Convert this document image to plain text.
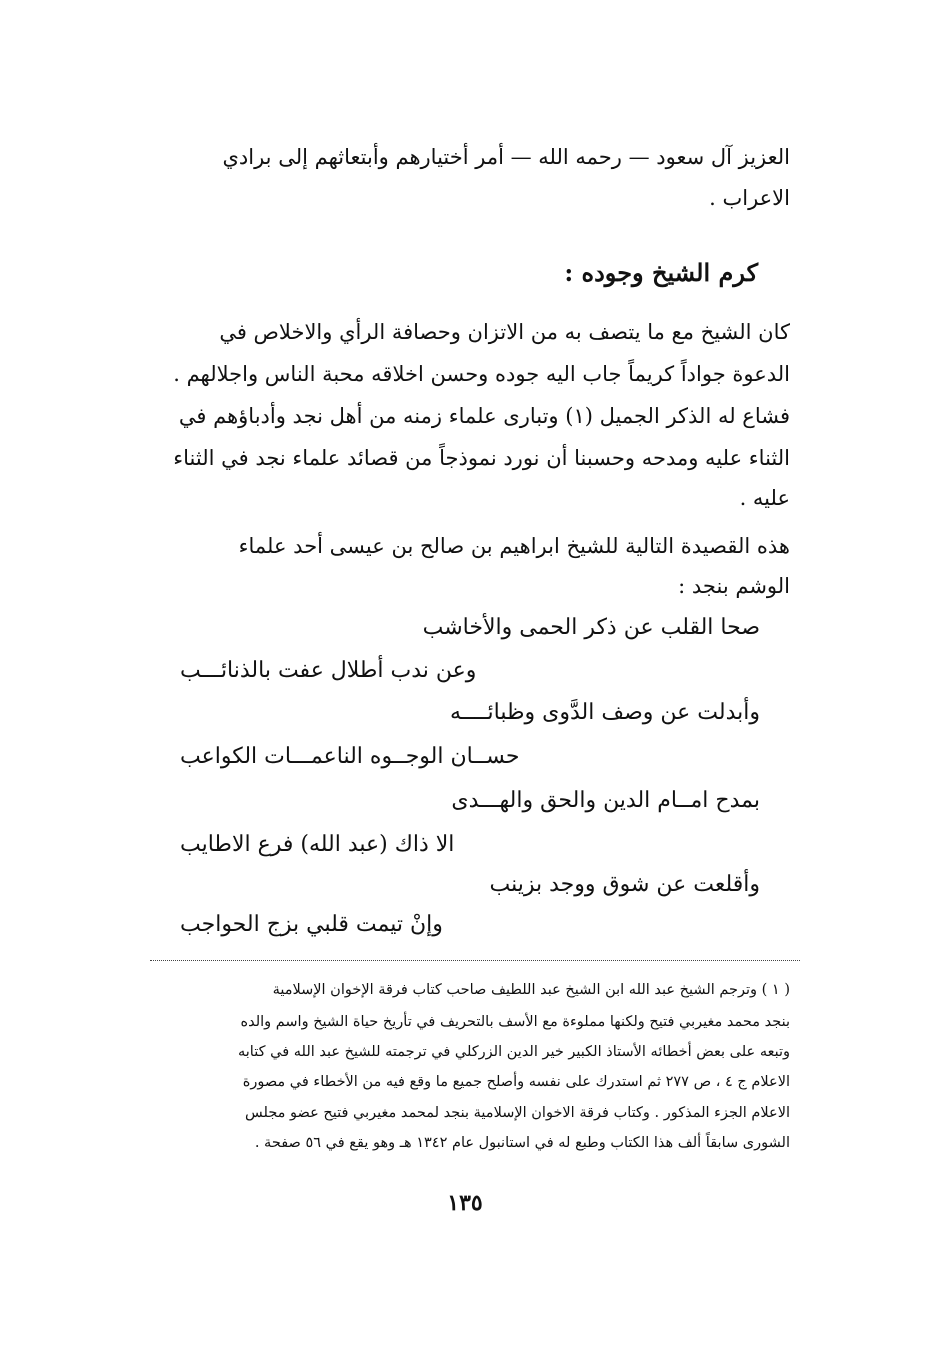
العزيز آل سعود — رحمه الله — أمر أختيارهم وأبتعاثهم إلى برادي
الاعراب .
كرم الشيخ وجوده :
كان الشيخ مع ما يتصف به من الاتزان وحصافة الرأي والاخلاص في
الدعوة جواداً كريماً جاب اليه جوده وحسن اخلاقه محبة الناس واجلالهم .
فشاع له الذكر الجميل (١) وتبارى علماء زمنه من أهل نجد وأدباؤهم في
الثناء عليه ومدحه وحسبنا أن نورد نموذجاً من قصائد علماء نجد في الثناء
عليه .
هذه القصيدة التالية للشيخ ابراهيم بن صالح بن عيسى أحد علماء
الوشم بنجد :
صحا القلب عن ذكر الحمى والأخاشب
وعن ندب أطلال عفت بالذنائـــب
وأبدلت عن وصف الدَّوى وظبائــــه
حســان الوجــوه الناعمـــات الكواعب
بمدح امــام الدين والحق والهـــدى
الا ذاك (عبد الله) فرع الاطايب
وأقلعت عن شوق ووجد بزينب
وإنْ تيمت قلبي بزج الحواجب
( ١ ) وترجم الشيخ عبد الله ابن الشيخ عبد اللطيف صاحب كتاب فرقة الإخوان الإسلامية
بنجد محمد مغيربي فتيح ولكنها مملوءة مع الأسف بالتحريف في تأريخ حياة الشيخ واسم والده
وتبعه على بعض أخطائه الأستاذ الكبير خير الدين الزركلي في ترجمته للشيخ عبد الله في كتابه
الاعلام ج ٤ ، ص ٢٧٧ ثم استدرك على نفسه وأصلح جميع ما وقع فيه من الأخطاء في مصورة
الاعلام الجزء المذكور . وكتاب فرقة الاخوان الإسلامية بنجد لمحمد مغيربي فتيح عضو مجلس
الشورى سابقاً ألف هذا الكتاب وطبع له في استانبول عام ١٣٤٢ هـ وهو يقع في ٥٦ صفحة .
١٣٥
